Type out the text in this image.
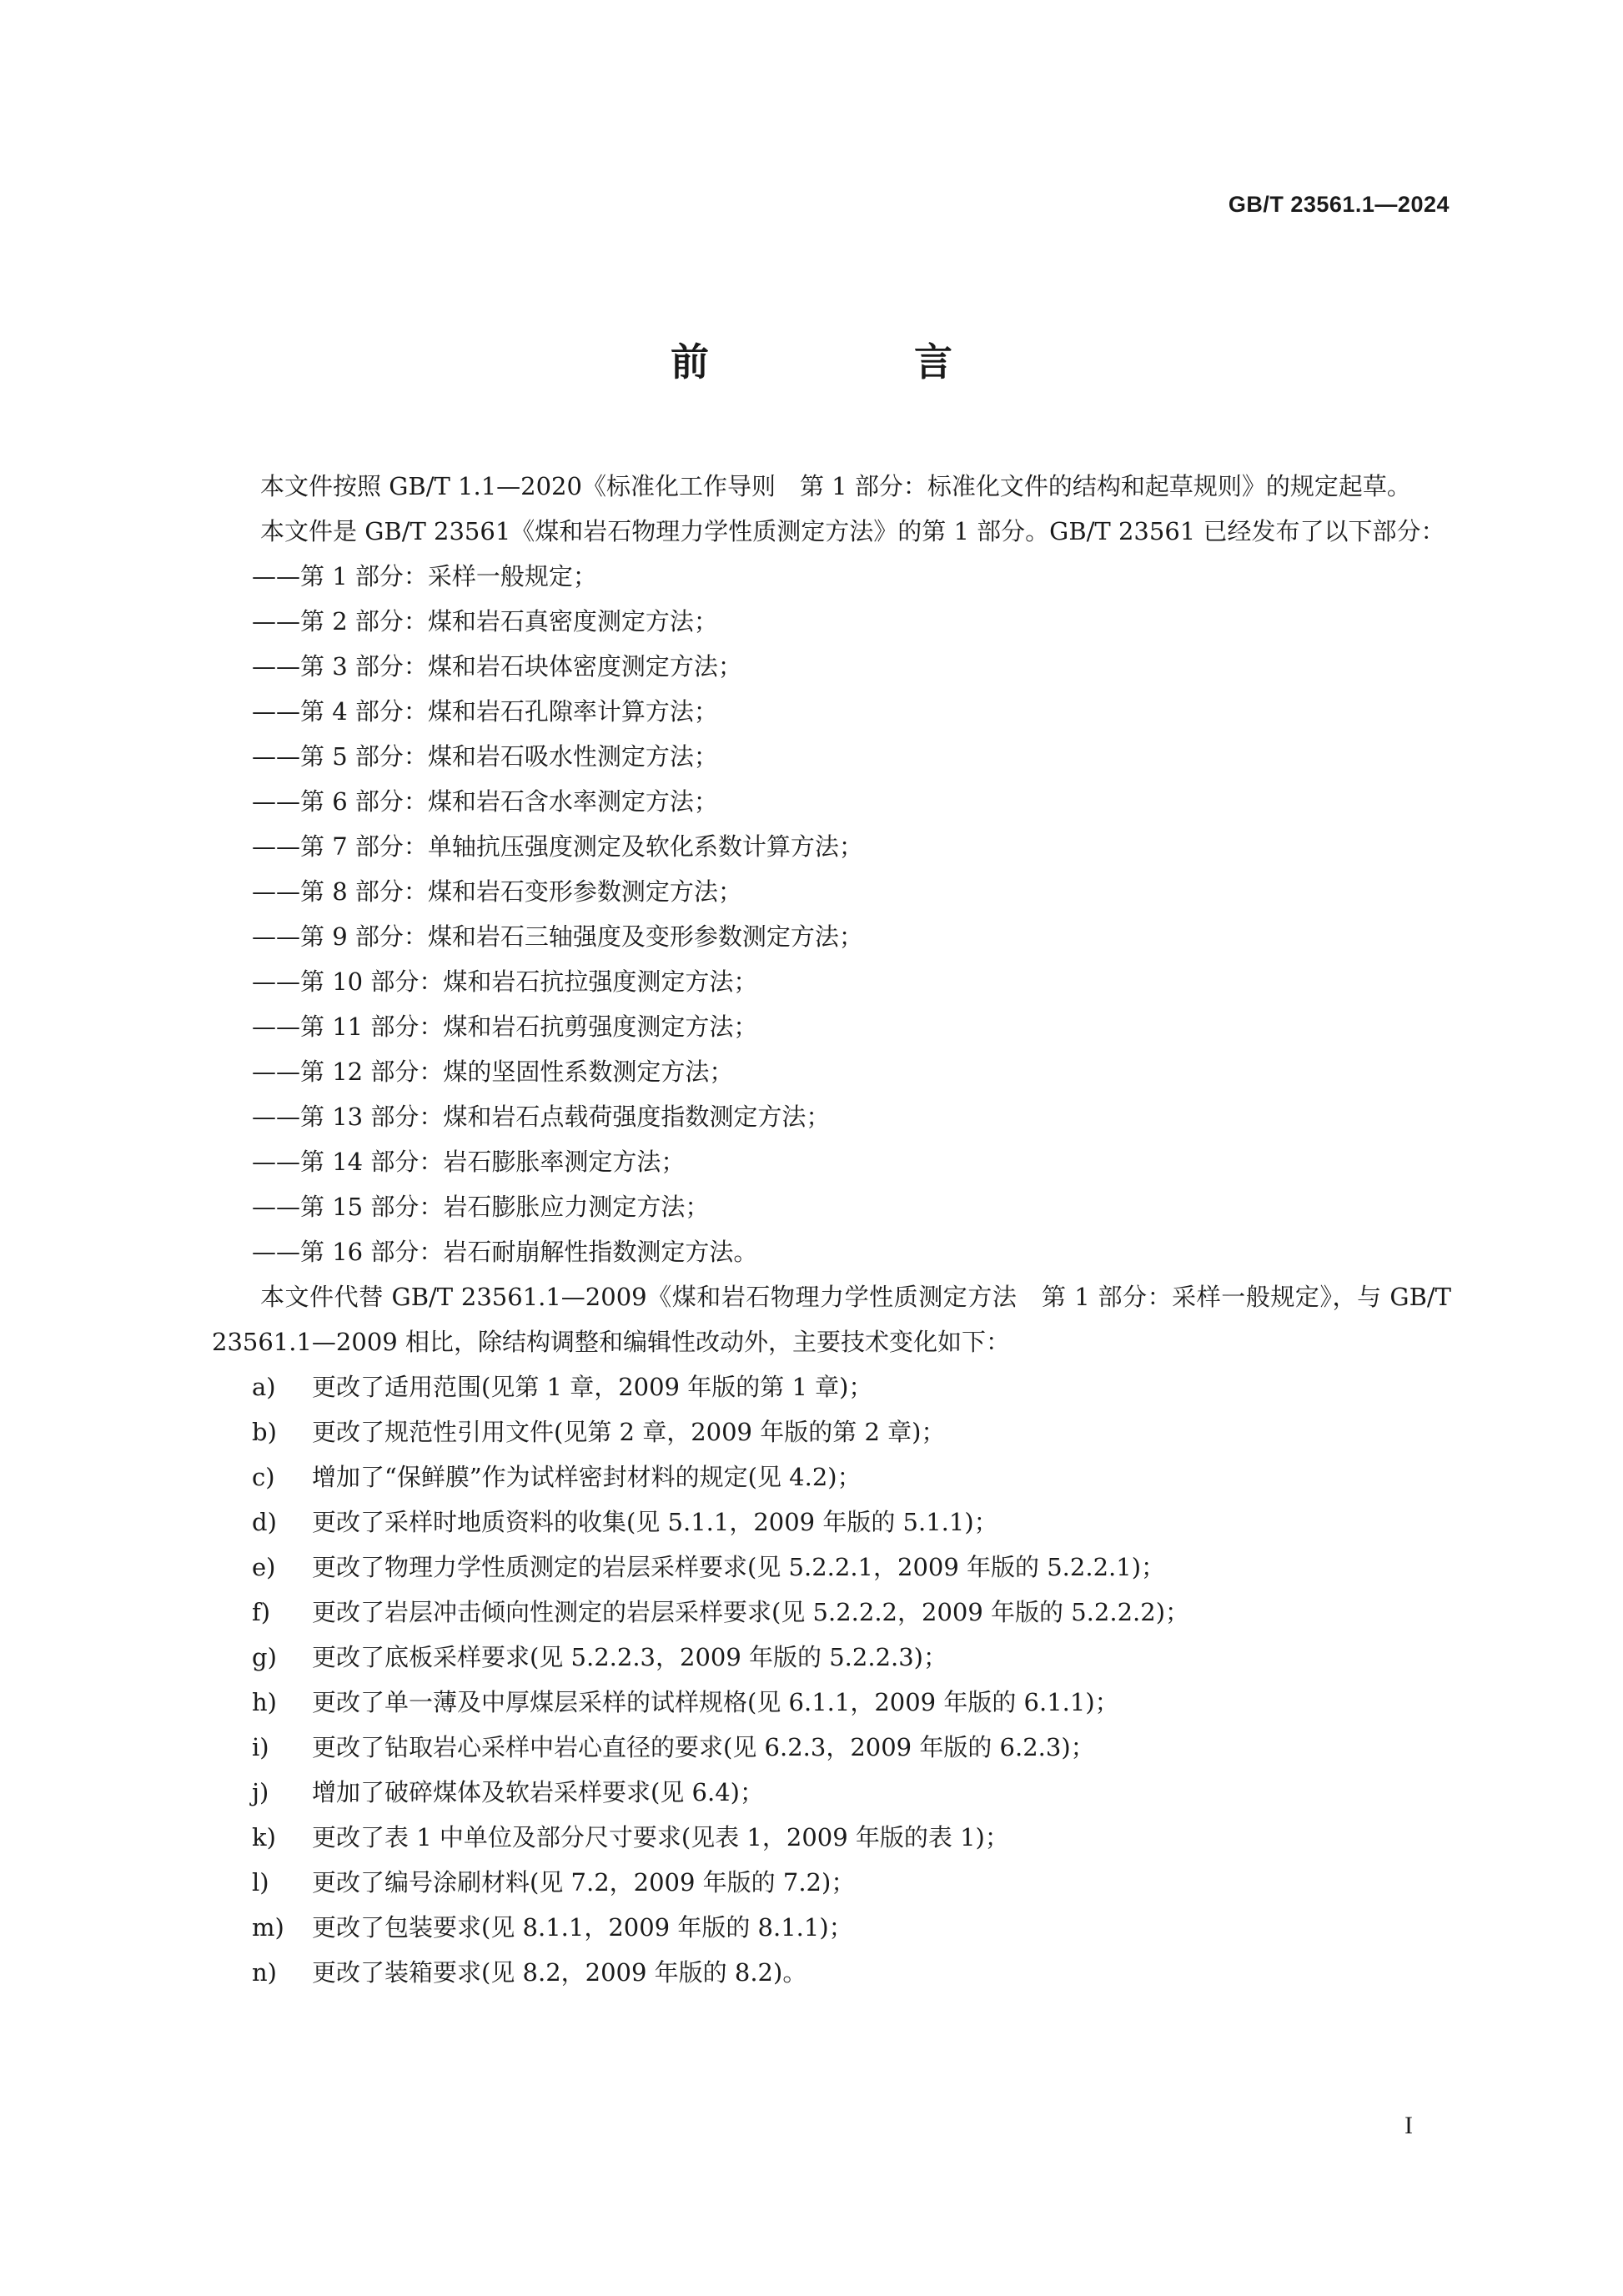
GB/T 23561.1—2024
前　言

本文件按照 GB/T 1.1—2020《标准化工作导则　第 1 部分：标准化文件的结构和起草规则》的规定起草。

本文件是 GB/T 23561《煤和岩石物理力学性质测定方法》的第 1 部分。GB/T 23561 已经发布了以下部分：

——第 1 部分：采样一般规定；

——第 2 部分：煤和岩石真密度测定方法；

——第 3 部分：煤和岩石块体密度测定方法；

——第 4 部分：煤和岩石孔隙率计算方法；

——第 5 部分：煤和岩石吸水性测定方法；

——第 6 部分：煤和岩石含水率测定方法；

——第 7 部分：单轴抗压强度测定及软化系数计算方法；

——第 8 部分：煤和岩石变形参数测定方法；

——第 9 部分：煤和岩石三轴强度及变形参数测定方法；

——第 10 部分：煤和岩石抗拉强度测定方法；

——第 11 部分：煤和岩石抗剪强度测定方法；

——第 12 部分：煤的坚固性系数测定方法；

——第 13 部分：煤和岩石点载荷强度指数测定方法；

——第 14 部分：岩石膨胀率测定方法；

——第 15 部分：岩石膨胀应力测定方法；

——第 16 部分：岩石耐崩解性指数测定方法。

本文件代替 GB/T 23561.1—2009《煤和岩石物理力学性质测定方法　第 1 部分：采样一般规定》，与 GB/T 23561.1—2009 相比，除结构调整和编辑性改动外，主要技术变化如下：

a)	更改了适用范围(见第 1 章，2009 年版的第 1 章)；

b)	更改了规范性引用文件(见第 2 章，2009 年版的第 2 章)；

c)	增加了“保鲜膜”作为试样密封材料的规定(见 4.2)；

d)	更改了采样时地质资料的收集(见 5.1.1，2009 年版的 5.1.1)；

e)	更改了物理力学性质测定的岩层采样要求(见 5.2.2.1，2009 年版的 5.2.2.1)；

f)	更改了岩层冲击倾向性测定的岩层采样要求(见 5.2.2.2，2009 年版的 5.2.2.2)；

g)	更改了底板采样要求(见 5.2.2.3，2009 年版的 5.2.2.3)；

h)	更改了单一薄及中厚煤层采样的试样规格(见 6.1.1，2009 年版的 6.1.1)；

i)	更改了钻取岩心采样中岩心直径的要求(见 6.2.3，2009 年版的 6.2.3)；

j)	增加了破碎煤体及软岩采样要求(见 6.4)；

k)	更改了表 1 中单位及部分尺寸要求(见表 1，2009 年版的表 1)；

l)	更改了编号涂刷材料(见 7.2，2009 年版的 7.2)；

m)	更改了包装要求(见 8.1.1，2009 年版的 8.1.1)；

n)	更改了装箱要求(见 8.2，2009 年版的 8.2)。

I
